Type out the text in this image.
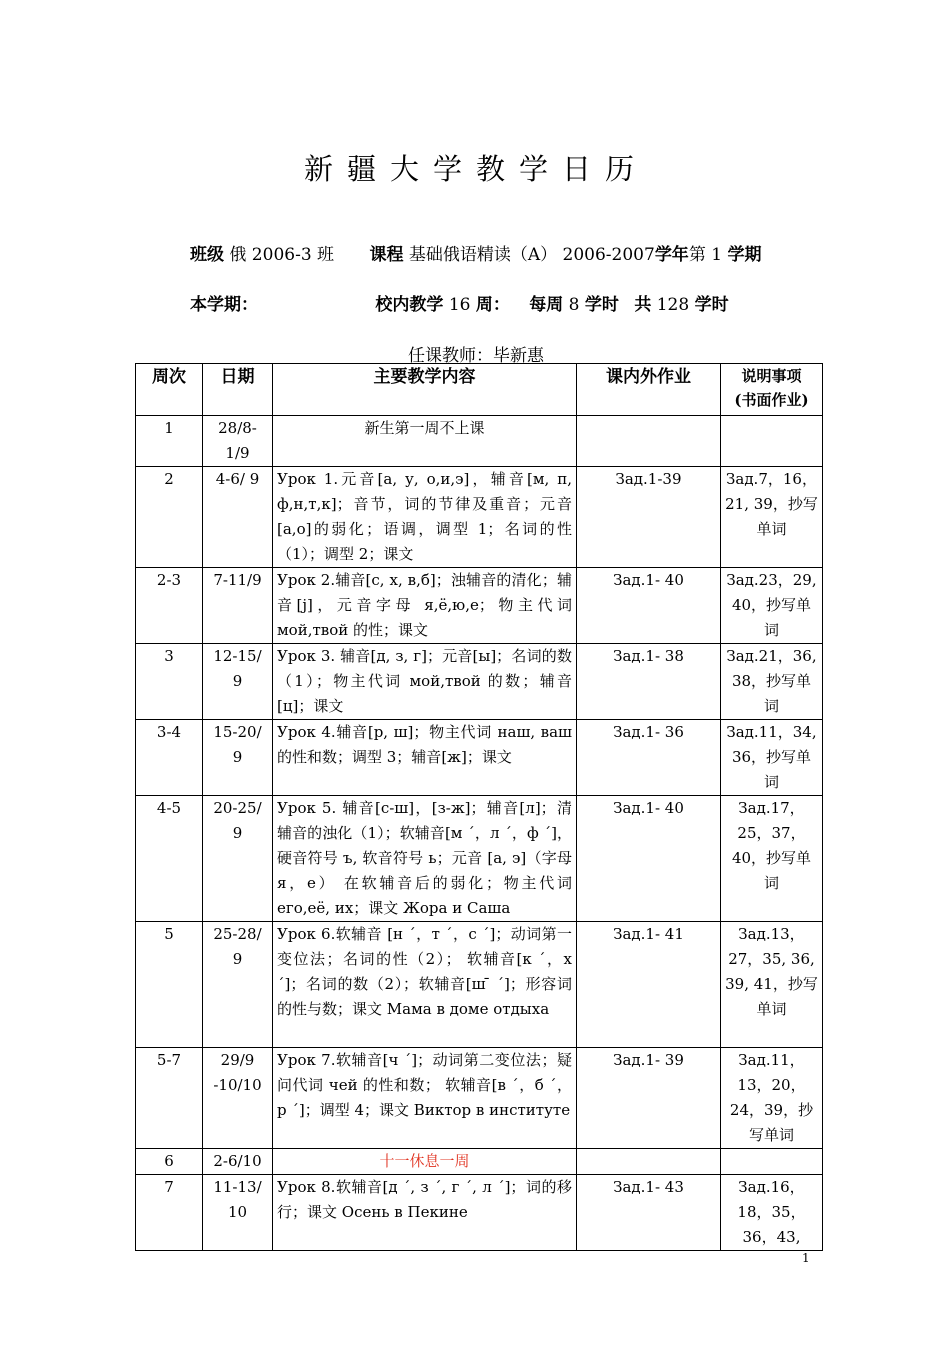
新疆大学教学日历
班级 俄 2006-3 班 课程 基础俄语精读（A） 2006-2007学年第 1 学期
本学期：	校内教学 16 周： 每周 8 学时 共 128 学时
任课教师：毕新惠
周次	日期	主要教学内容	课内外作业	说明事项
(书面作业)

1	28/8-1/9	新生第一周不上课		
2	4-6/ 9	Урок 1.元音[а, у, о,и,э]，辅音[м, п, ф,н,т,к]；音节，词的节律及重音；元音[а,о]的弱化；语调，调型 1；名词的性（1）；调型 2；课文	Зад.1-39	Зад.7，16，21, 39，抄写单词
2-3	7-11/9	Урок 2.辅音[с, х, в,б]；浊辅音的清化；辅音[j]，元音字母 я,ё,ю,е；物主代词 мой,твой 的性；课文	Зад.1- 40	Зад.23，29, 40，抄写单词
3	12-15/ 9	Урок 3. 辅音[д, з, г]；元音[ы]；名词的数（1）；物主代词 мой,твой 的数；辅音[ц]；课文	Зад.1- 38	Зад.21，36, 38，抄写单词
3-4	15-20/ 9	Урок 4.辅音[р, ш]；物主代词 наш, ваш 的性和数；调型 3；辅音[ж]；课文	Зад.1- 36	Зад.11，34, 36，抄写单词
4-5	20-25/ 9	Урок 5. 辅音[с-ш]，[з-ж]；辅音[л]；清辅音的浊化（1）；软辅音[м ´，л ´，ф ´]，硬音符号 ъ, 软音符号 ь；元音 [а, э]（字母 я，е） 在软辅音后的弱化；物主代词 его,её, их；课文 Жора и Саша	Зад.1- 40	Зад.17，25，37，40，抄写单词
5	25-28/ 9	Урок 6.软辅音 [н ´，т ´，с ´]；动词第一变位法；名词的性（2）； 软辅音[к ´，х ´]；名词的数（2）；软辅音[ш ̄ ´]；形容词的性与数；课文 Мама в доме отдыха	Зад.1- 41	Зад.13，27，35, 36, 39, 41，抄写单词
5-7	29/9 -10/10	Урок 7.软辅音[ч ´]；动词第二变位法；疑问代词 чей 的性和数； 软辅音[в ´，б ´，р ´]；调型 4；课文 Виктор в институте	Зад.1- 39	Зад.11，13，20，24，39，抄写单词
6	2-6/10	十一休息一周		
7	11-13/ 10	Урок 8.软辅音[д ´, з ´, г ´, л ´]；词的移行；课文 Осень в Пекине	Зад.1- 43	Зад.16，18，35，36，43,
1
